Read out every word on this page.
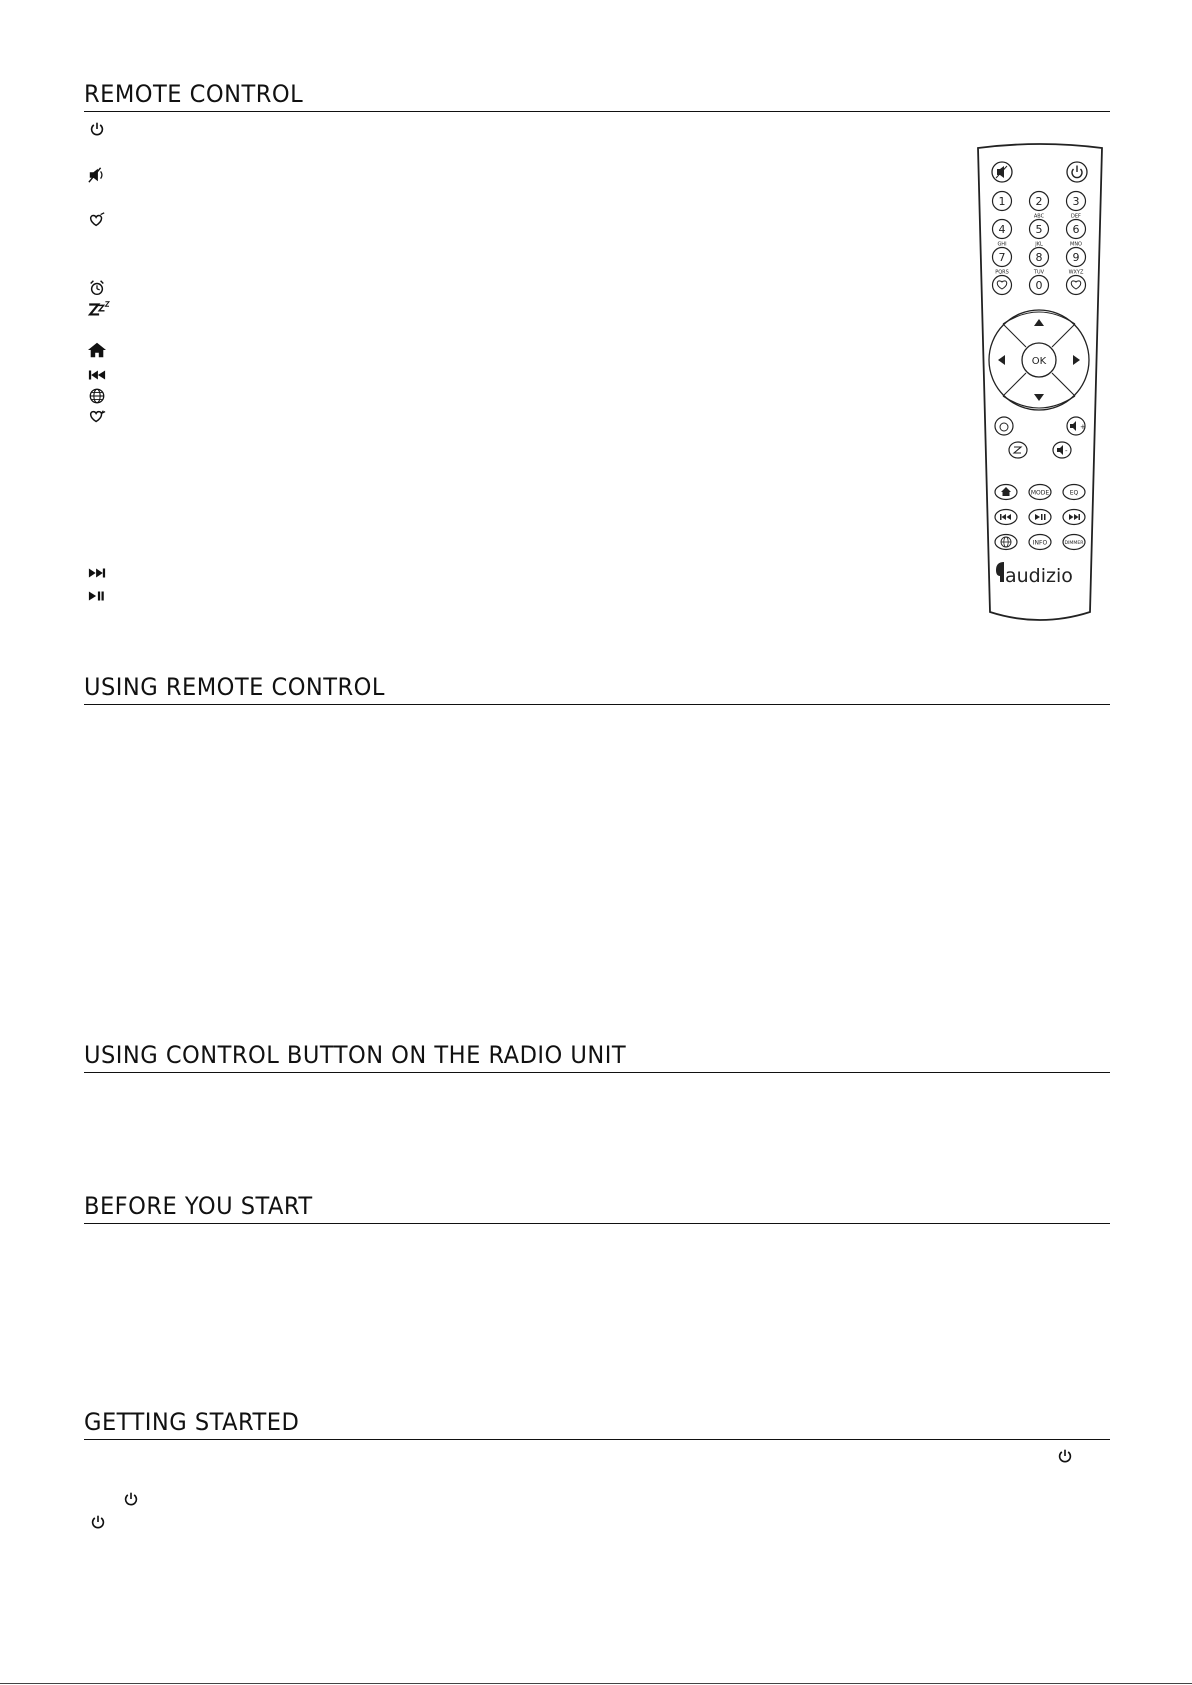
REMOTE CONTROL
1	2
ABC
3
DEF
4
GHI
5
JKL
6
MNO
7
PQRS
8
TUV
9
WXYZ
0
OK
+
-
MODE	EQ
INFO	DIMMER
audizio
USING REMOTE CONTROL
USING CONTROL BUTTON ON THE RADIO UNIT
BEFORE YOU START
GETTING STARTED
